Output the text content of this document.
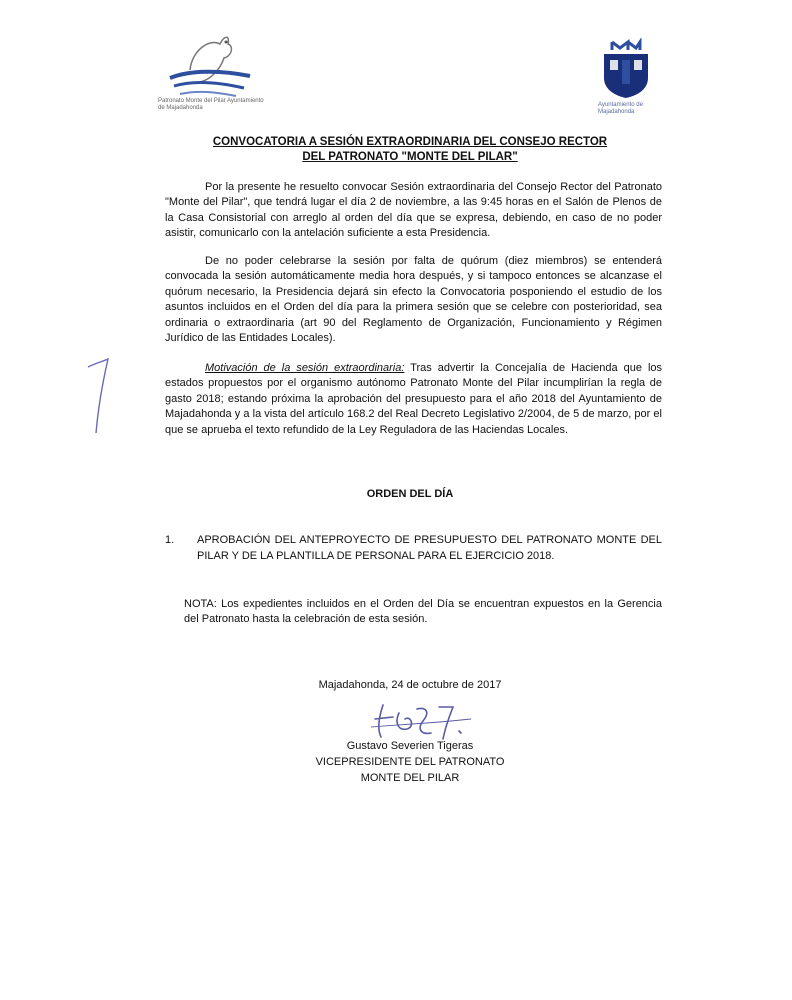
Patronato Monte del Pilar Ayuntamiento de Majadahonda	Ayuntamiento de Majadahonda
CONVOCATORIA A SESIÓN EXTRAORDINARIA DEL CONSEJO RECTOR DEL PATRONATO "MONTE DEL PILAR"
Por la presente he resuelto convocar Sesión extraordinaria del Consejo Rector del Patronato "Monte del Pilar", que tendrá lugar el día 2 de noviembre, a las 9:45 horas en el Salón de Plenos de la Casa Consistorial con arreglo al orden del día que se expresa, debiendo, en caso de no poder asistir, comunicarlo con la antelación suficiente a esta Presidencia.
De no poder celebrarse la sesión por falta de quórum (diez miembros) se entenderá convocada la sesión automáticamente media hora después, y si tampoco entonces se alcanzase el quórum necesario, la Presidencia dejará sin efecto la Convocatoria posponiendo el estudio de los asuntos incluidos en el Orden del día para la primera sesión que se celebre con posterioridad, sea ordinaria o extraordinaria (art 90 del Reglamento de Organización, Funcionamiento y Régimen Jurídico de las Entidades Locales).
Motivación de la sesión extraordinaria: Tras advertir la Concejalía de Hacienda que los estados propuestos por el organismo autónomo Patronato Monte del Pilar incumplirían la regla de gasto 2018; estando próxima la aprobación del presupuesto para el año 2018 del Ayuntamiento de Majadahonda y a la vista del artículo 168.2 del Real Decreto Legislativo 2/2004, de 5 de marzo, por el que se aprueba el texto refundido de la Ley Reguladora de las Haciendas Locales.
ORDEN DEL DÍA
1. APROBACIÓN DEL ANTEPROYECTO DE PRESUPUESTO DEL PATRONATO MONTE DEL PILAR Y DE LA PLANTILLA DE PERSONAL PARA EL EJERCICIO 2018.
NOTA: Los expedientes incluidos en el Orden del Día se encuentran expuestos en la Gerencia del Patronato hasta la celebración de esta sesión.
Majadahonda, 24 de octubre de 2017
Gustavo Severien Tigeras
VICEPRESIDENTE DEL PATRONATO
MONTE DEL PILAR
